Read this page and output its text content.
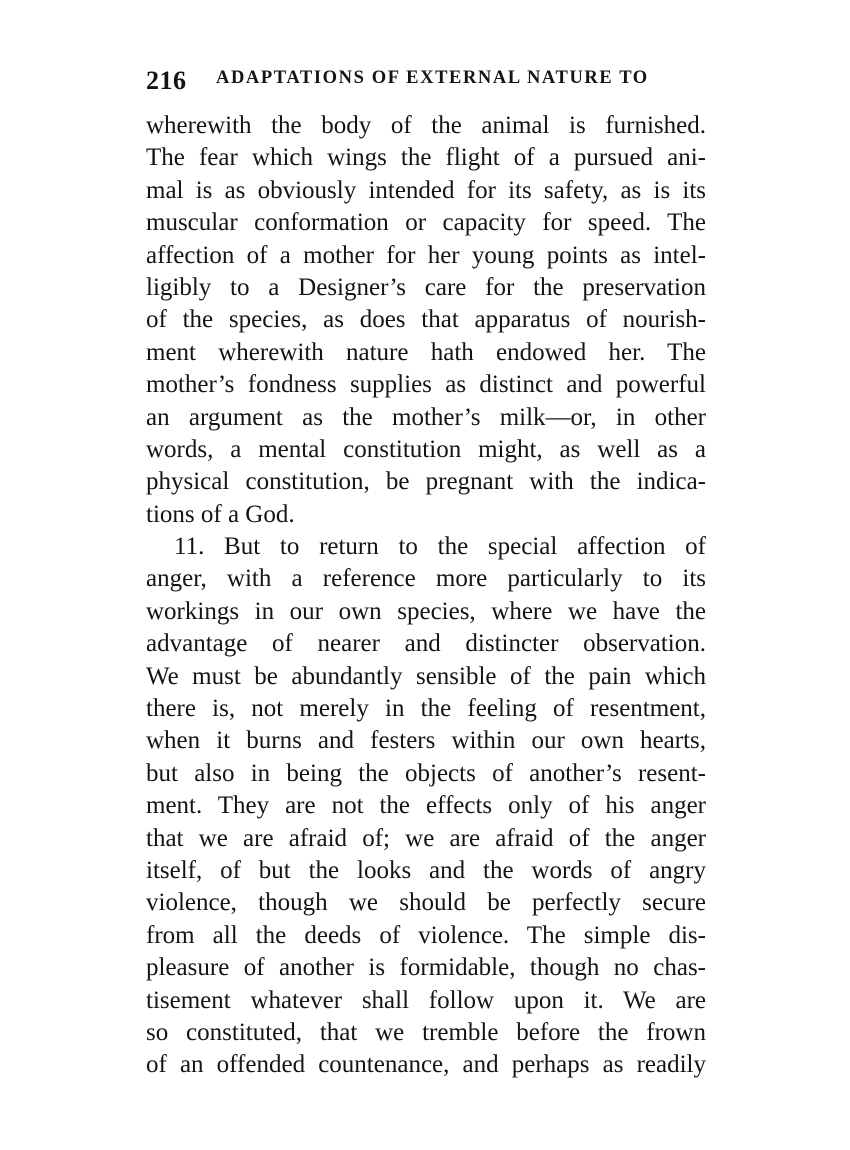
216 ADAPTATIONS OF EXTERNAL NATURE TO
wherewith the body of the animal is furnished.
The fear which wings the flight of a pursued ani-
mal is as obviously intended for its safety, as is its
muscular conformation or capacity for speed. The
affection of a mother for her young points as intel-
ligibly to a Designer’s care for the preservation
of the species, as does that apparatus of nourish-
ment wherewith nature hath endowed her. The
mother’s fondness supplies as distinct and powerful
an argument as the mother’s milk—or, in other
words, a mental constitution might, as well as a
physical constitution, be pregnant with the indica-
tions of a God.
11. But to return to the special affection of
anger, with a reference more particularly to its
workings in our own species, where we have the
advantage of nearer and distincter observation.
We must be abundantly sensible of the pain which
there is, not merely in the feeling of resentment,
when it burns and festers within our own hearts,
but also in being the objects of another’s resent-
ment. They are not the effects only of his anger
that we are afraid of; we are afraid of the anger
itself, of but the looks and the words of angry
violence, though we should be perfectly secure
from all the deeds of violence. The simple dis-
pleasure of another is formidable, though no chas-
tisement whatever shall follow upon it. We are
so constituted, that we tremble before the frown
of an offended countenance, and perhaps as readily
